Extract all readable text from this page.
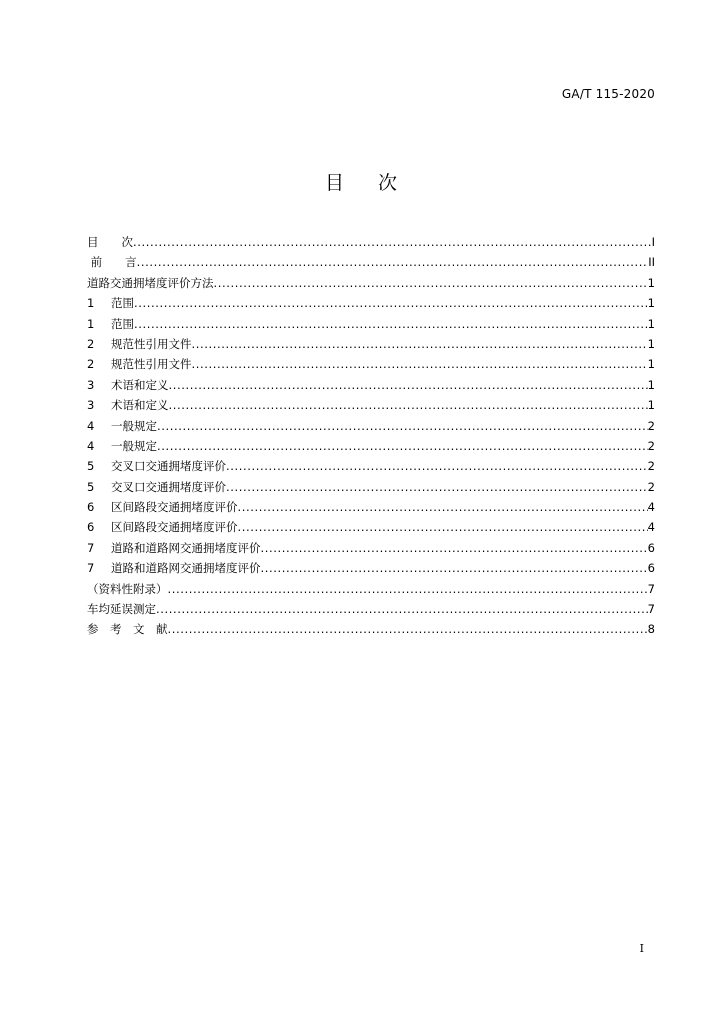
GA/T 115-2020
目 次
目　　次 .....	I
前　　言 .....	II
道路交通拥堵度评价方法 .....	1
1	范围 .....	1
1	范围 .....	1
2	规范性引用文件 .....	1
2	规范性引用文件 .....	1
3	术语和定义 .....	1
3	术语和定义 .....	1
4	一般规定 .....	2
4	一般规定 .....	2
5	交叉口交通拥堵度评价 .....	2
5	交叉口交通拥堵度评价 .....	2
6	区间路段交通拥堵度评价 .....	4
6	区间路段交通拥堵度评价 .....	4
7	道路和道路网交通拥堵度评价 .....	6
7	道路和道路网交通拥堵度评价 .....	6
（资料性附录） .....	7
车均延误测定 .....	7
参　考　文　献 .....	8
I
